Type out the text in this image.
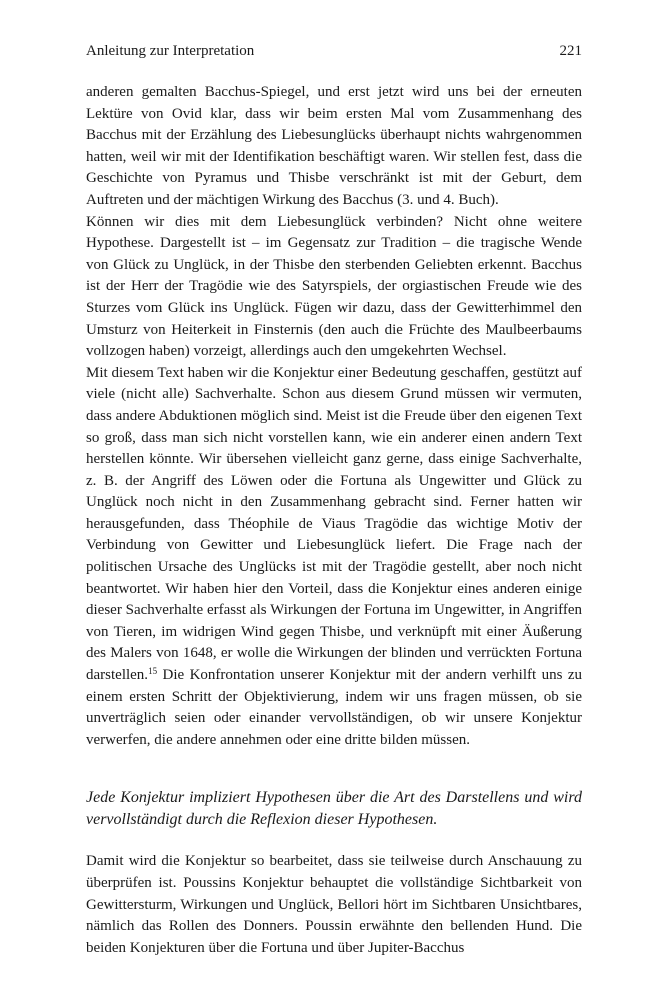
Anleitung zur Interpretation	221
anderen gemalten Bacchus-Spiegel, und erst jetzt wird uns bei der erneuten Lektüre von Ovid klar, dass wir beim ersten Mal vom Zusammenhang des Bacchus mit der Erzählung des Liebesunglücks überhaupt nichts wahrgenommen hatten, weil wir mit der Identifikation beschäftigt waren. Wir stellen fest, dass die Geschichte von Pyramus und Thisbe verschränkt ist mit der Geburt, dem Auftreten und der mächtigen Wirkung des Bacchus (3. und 4. Buch).
Können wir dies mit dem Liebesunglück verbinden? Nicht ohne weitere Hypothese. Dargestellt ist – im Gegensatz zur Tradition – die tragische Wende von Glück zu Unglück, in der Thisbe den sterbenden Geliebten erkennt. Bacchus ist der Herr der Tragödie wie des Satyrspiels, der orgiastischen Freude wie des Sturzes vom Glück ins Unglück. Fügen wir dazu, dass der Gewitterhimmel den Umsturz von Heiterkeit in Finsternis (den auch die Früchte des Maulbeerbaums vollzogen haben) vorzeigt, allerdings auch den umgekehrten Wechsel.
Mit diesem Text haben wir die Konjektur einer Bedeutung geschaffen, gestützt auf viele (nicht alle) Sachverhalte. Schon aus diesem Grund müssen wir vermuten, dass andere Abduktionen möglich sind. Meist ist die Freude über den eigenen Text so groß, dass man sich nicht vorstellen kann, wie ein anderer einen andern Text herstellen könnte. Wir übersehen vielleicht ganz gerne, dass einige Sachverhalte, z. B. der Angriff des Löwen oder die Fortuna als Ungewitter und Glück zu Unglück noch nicht in den Zusammenhang gebracht sind. Ferner hatten wir herausgefunden, dass Théophile de Viaus Tragödie das wichtige Motiv der Verbindung von Gewitter und Liebesunglück liefert. Die Frage nach der politischen Ursache des Unglücks ist mit der Tragödie gestellt, aber noch nicht beantwortet. Wir haben hier den Vorteil, dass die Konjektur eines anderen einige dieser Sachverhalte erfasst als Wirkungen der Fortuna im Ungewitter, in Angriffen von Tieren, im widrigen Wind gegen Thisbe, und verknüpft mit einer Äußerung des Malers von 1648, er wolle die Wirkungen der blinden und verrückten Fortuna darstellen.$^{15}$ Die Konfrontation unserer Konjektur mit der andern verhilft uns zu einem ersten Schritt der Objektivierung, indem wir uns fragen müssen, ob sie unverträglich seien oder einander vervollständigen, ob wir unsere Konjektur verwerfen, die andere annehmen oder eine dritte bilden müssen.

Jede Konjektur impliziert Hypothesen über die Art des Darstellens und wird vervollständigt durch die Reflexion dieser Hypothesen.

Damit wird die Konjektur so bearbeitet, dass sie teilweise durch Anschauung zu überprüfen ist. Poussins Konjektur behauptet die vollständige Sichtbarkeit von Gewittersturm, Wirkungen und Unglück, Bellori hört im Sichtbaren Unsichtbares, nämlich das Rollen des Donners. Poussin erwähnte den bellenden Hund. Die beiden Konjekturen über die Fortuna und über Jupiter-Bacchus
